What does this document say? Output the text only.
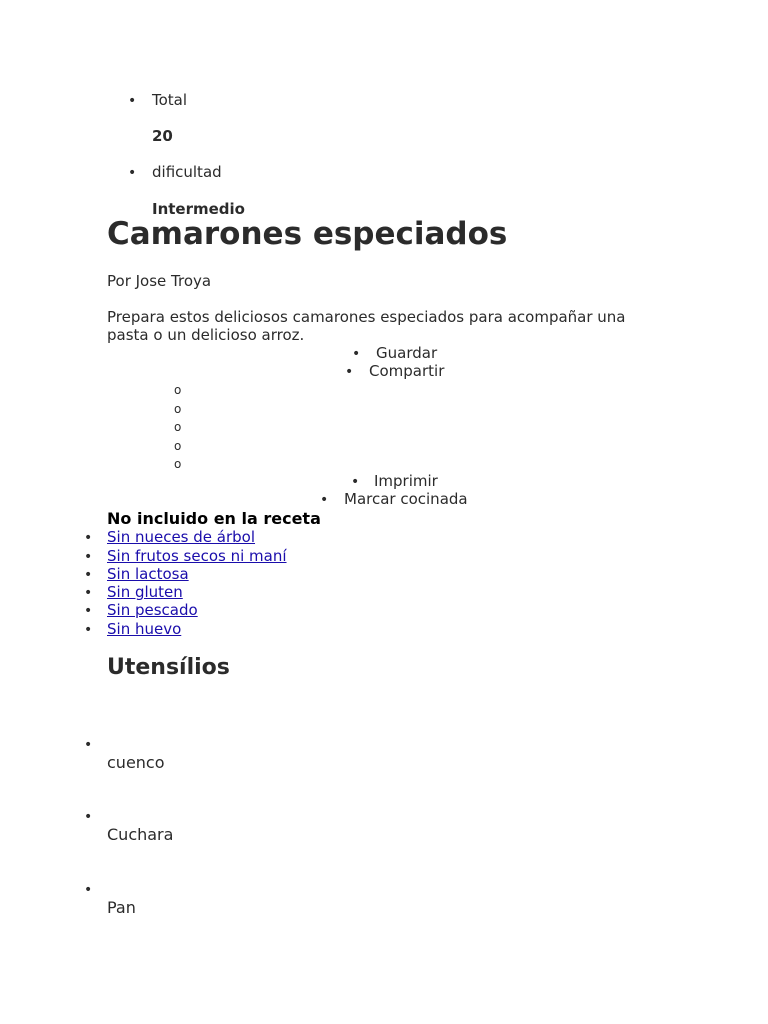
• Total
20
• dificultad
Intermedio
Camarones especiados
Por Jose Troya
Prepara estos deliciosos camarones especiados para acompañar una
pasta o un delicioso arroz.
• Guardar
• Compartir
o
o
o
o
o
• Imprimir
• Marcar cocinada
No incluido en la receta
• Sin nueces de árbol
• Sin frutos secos ni maní
• Sin lactosa
• Sin gluten
• Sin pescado
• Sin huevo
Utensílios
•
cuenco
•
Cuchara
•
Pan
